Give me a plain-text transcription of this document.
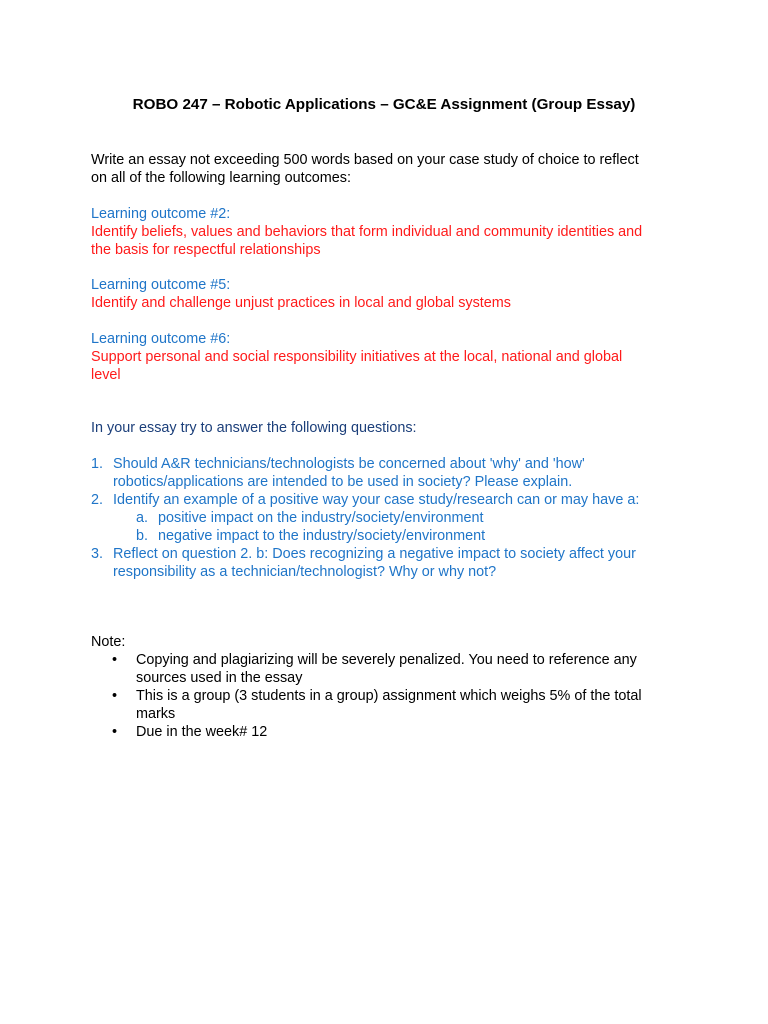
ROBO 247 – Robotic Applications – GC&E Assignment (Group Essay)
Write an essay not exceeding 500 words based on your case study of choice to reflect
on all of the following learning outcomes:
Learning outcome #2:
Identify beliefs, values and behaviors that form individual and community identities and
the basis for respectful relationships
Learning outcome #5:
Identify and challenge unjust practices in local and global systems
Learning outcome #6:
Support personal and social responsibility initiatives at the local, national and global
level
In your essay try to answer the following questions:
1. Should A&R technicians/technologists be concerned about 'why' and 'how'
robotics/applications are intended to be used in society? Please explain.
2. Identify an example of a positive way your case study/research can or may have a:
a. positive impact on the industry/society/environment
b. negative impact to the industry/society/environment
3. Reflect on question 2. b: Does recognizing a negative impact to society affect your
responsibility as a technician/technologist? Why or why not?
Note:
• Copying and plagiarizing will be severely penalized. You need to reference any
sources used in the essay
• This is a group (3 students in a group) assignment which weighs 5% of the total
marks
• Due in the week# 12
